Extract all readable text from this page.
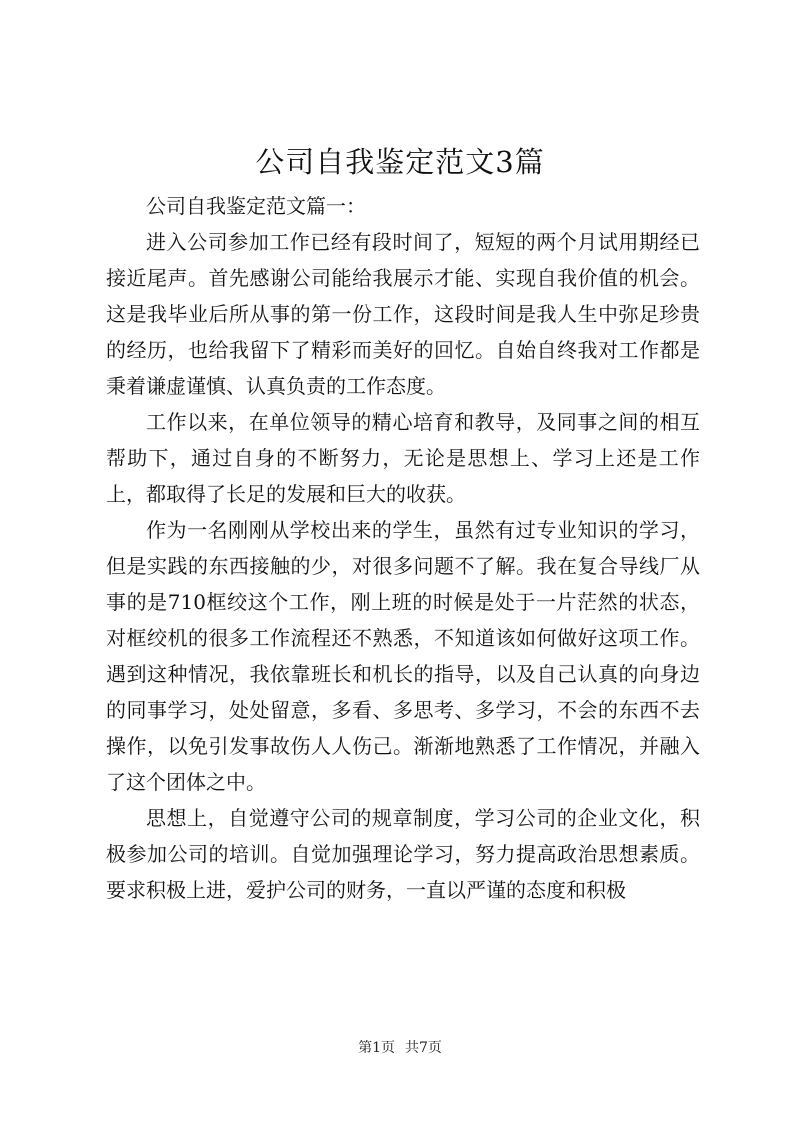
公司自我鉴定范文3篇

公司自我鉴定范文篇一：

进入公司参加工作已经有段时间了，短短的两个月试用期经已接近尾声。首先感谢公司能给我展示才能、实现自我价值的机会。这是我毕业后所从事的第一份工作，这段时间是我人生中弥足珍贵的经历，也给我留下了精彩而美好的回忆。自始自终我对工作都是秉着谦虚谨慎、认真负责的工作态度。

工作以来，在单位领导的精心培育和教导，及同事之间的相互帮助下，通过自身的不断努力，无论是思想上、学习上还是工作上，都取得了长足的发展和巨大的收获。

作为一名刚刚从学校出来的学生，虽然有过专业知识的学习，但是实践的东西接触的少，对很多问题不了解。我在复合导线厂从事的是710框绞这个工作，刚上班的时候是处于一片茫然的状态，对框绞机的很多工作流程还不熟悉，不知道该如何做好这项工作。遇到这种情况，我依靠班长和机长的指导，以及自己认真的向身边的同事学习，处处留意，多看、多思考、多学习，不会的东西不去操作，以免引发事故伤人人伤己。渐渐地熟悉了工作情况，并融入了这个团体之中。

思想上，自觉遵守公司的规章制度，学习公司的企业文化，积极参加公司的培训。自觉加强理论学习，努力提高政治思想素质。要求积极上进，爱护公司的财务，一直以严谨的态度和积极

第1页 共7页
